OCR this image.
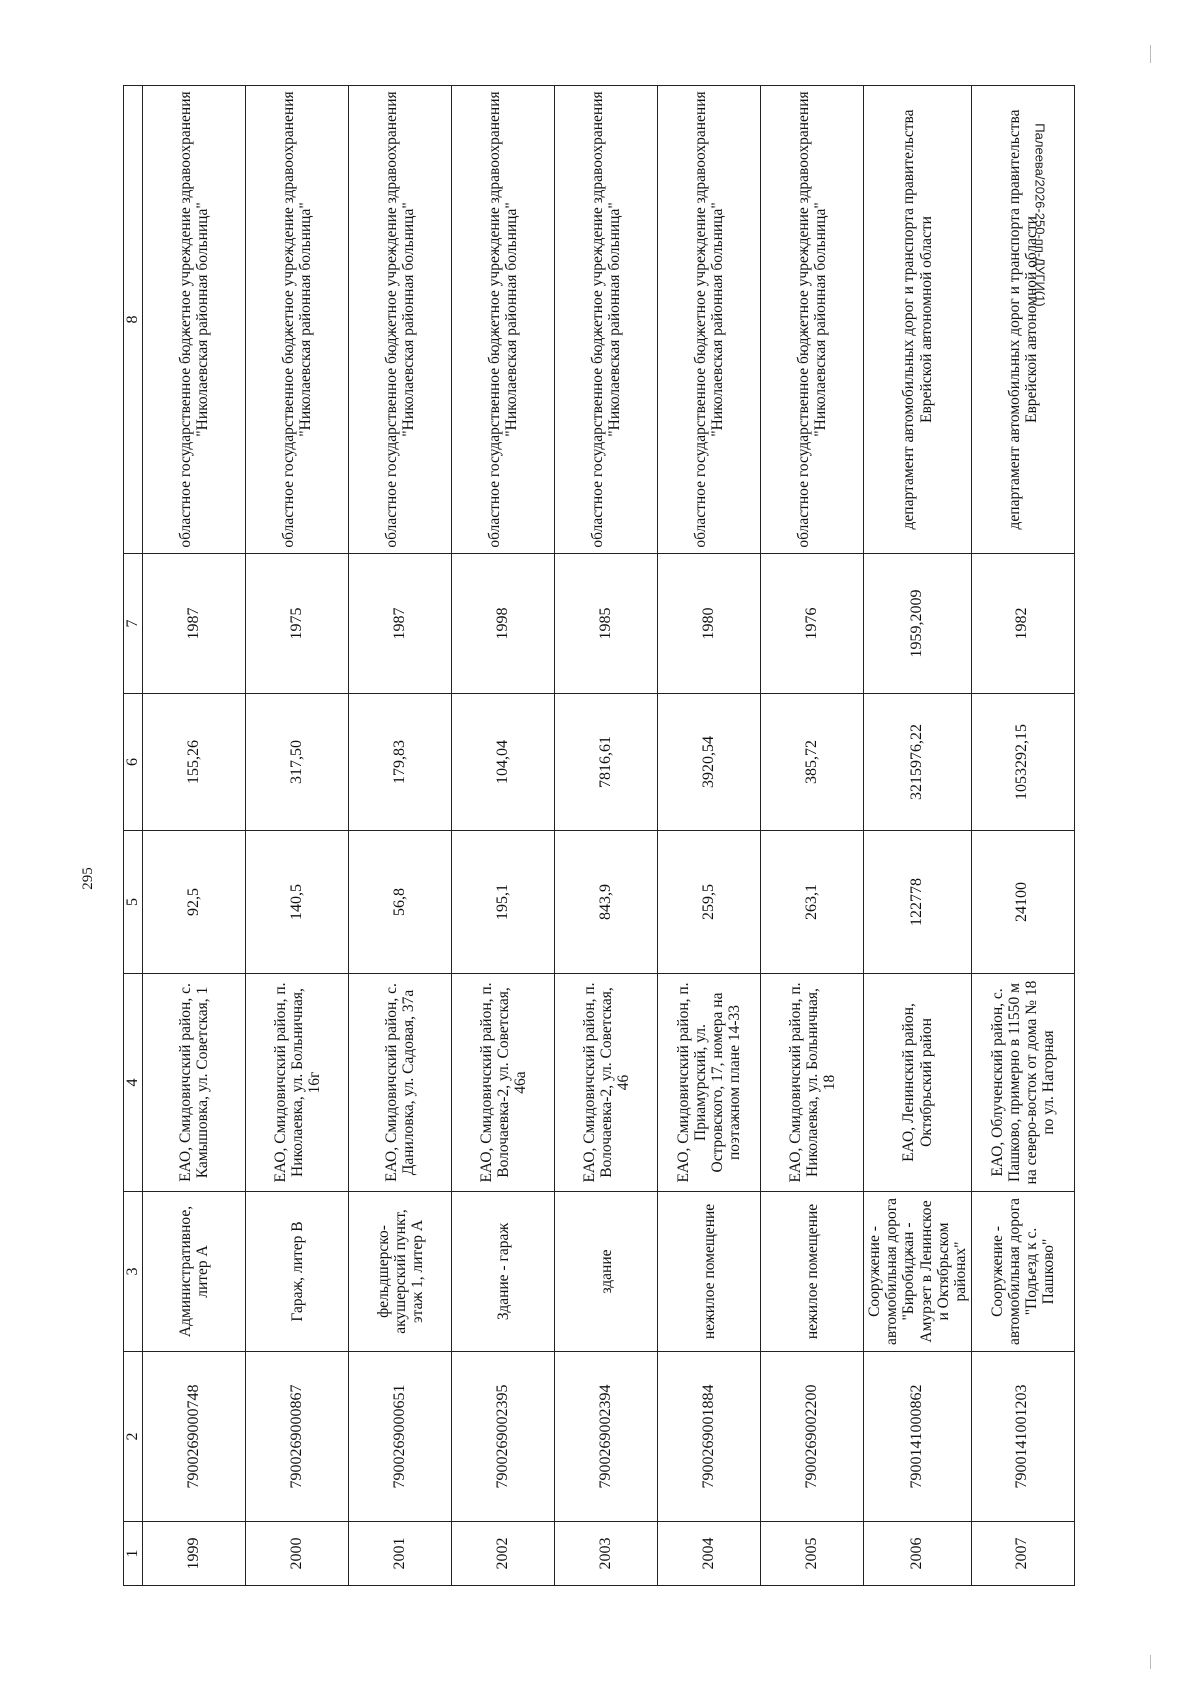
295
Палеева/2026-250-пп-ДУГИ(1)
1	2	3	4	5	6	7	8
1999	7900269000748	Административное, литер А	ЕАО, Смидовичский район, с. Камышовка, ул. Советская, 1	92,5	155,26	1987	областное государственное бюджетное учреждение здравоохранения "Николаевская районная больница"
2000	7900269000867	Гараж, литер В	ЕАО, Смидовичский район, п. Николаевка, ул. Больничная, 16г	140,5	317,50	1975	областное государственное бюджетное учреждение здравоохранения "Николаевская районная больница"
2001	7900269000651	фельдшерско-акушерский пункт, этаж 1, литер А	ЕАО, Смидовичский район, с. Даниловка, ул. Садовая, 37а	56,8	179,83	1987	областное государственное бюджетное учреждение здравоохранения "Николаевская районная больница"
2002	7900269002395	Здание - гараж	ЕАО, Смидовичский район, п. Волочаевка-2, ул. Советская, 46а	195,1	104,04	1998	областное государственное бюджетное учреждение здравоохранения "Николаевская районная больница"
2003	7900269002394	здание	ЕАО, Смидовичский район, п. Волочаевка-2, ул. Советская, 46	843,9	7816,61	1985	областное государственное бюджетное учреждение здравоохранения "Николаевская районная больница"
2004	7900269001884	нежилое помещение	ЕАО, Смидовичский район, п. Приамурский, ул. Островского, 17, номера на поэтажном плане 14-33	259,5	3920,54	1980	областное государственное бюджетное учреждение здравоохранения "Николаевская районная больница"
2005	7900269002200	нежилое помещение	ЕАО, Смидовичский район, п. Николаевка, ул. Больничная, 18	263,1	385,72	1976	областное государственное бюджетное учреждение здравоохранения "Николаевская районная больница"
2006	7900141000862	Сооружение - автомобильная дорога "Биробиджан - Амурзет в Ленинское и Октябрьском районах"	ЕАО, Ленинский район, Октябрьский район	122778	3215976,22	1959,2009	департамент автомобильных дорог и транспорта правительства Еврейской автономной области
2007	7900141001203	Сооружение - автомобильная дорога "Подъезд к с. Пашково"	ЕАО, Облученский район, с. Пашково, примерно в 11550 м на северо-восток от дома № 18 по ул. Нагорная	24100	1053292,15	1982	департамент автомобильных дорог и транспорта правительства Еврейской автономной области
